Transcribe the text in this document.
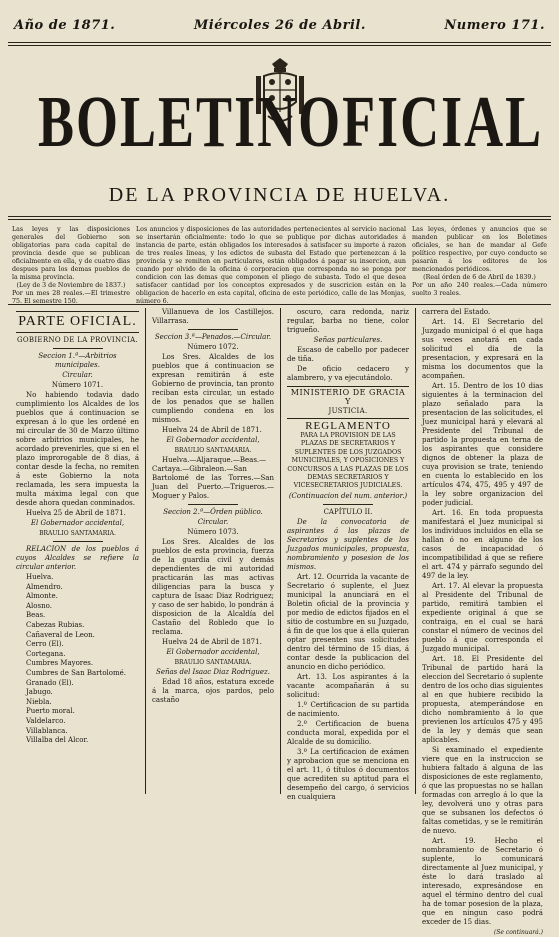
Año de 1871.	Miércoles 26 de Abril.	Numero 171.
BOLETIN OFICIAL
DE LA PROVINCIA DE HUELVA.

Las leyes y las disposiciones generales del Gobierno son obligatorias para cada capital de provincia desde que se publican oficialmente en ella, y de cuatro dias despues para los demas pueblos de la misma provincia.

(Ley de 3 de Noviembre de 1837.)

Por un mes 28 reales.—El trimestre 75. El semestre 150.

Los anuncios y disposiciones de las autoridades pertenecientes al servicio nacional se insertarán oficialmente: todo lo que se publique por dichas autoridades á instancia de parte, están obligados los interesados á satisfacer su importe á razon de tres reales lineas, y los edictos de subasta del Estado que pertenezcan á la provincia y se remiten en particulares, están obligados á pagar su insercion, aun cuando por olvido de la oficina ó corporacion que corresponda no se ponga por condicion con las demas que componen el pliego de subasta. Todo el que desea satisfacer cantidad por los conceptos expresados y de suscricion están en la obligacion de hacerlo en esta capital, oficina de este periódico, calle de las Monjas, número 6.

Las leyes, órdenes y anuncios que se manden publicar en los Boletines oficiales, se han de mandar al Gefe político respectivo, por cuyo conducto se pasarán á los editores de los mencionados periódicos.

(Real órden de 6 de Abril de 1839.)

Por un año 240 reales.—Cada número suelto 3 reales.

PARTE OFICIAL.

GOBIERNO DE LA PROVINCIA.

Seccion 1.ª—Arbitrios municipales.

Circular.

Número 1071.

No habiendo todavia dado cumplimiento los Alcaldes de los pueblos que á continuacion se expresan á lo que les ordené en mi circular de 30 de Marzo último sobre arbitrios municipales, he acordado prevenirles, que si en el plazo improrogable de 8 dias, á contar desde la fecha, no remiten á este Gobierno la nota reclamada, les sera impuesta la multa máxima legal con que desde ahora quedan conminados.

Huelva 25 de Abril de 1871.

El Gobernador accidental,

BRAULIO SANTAMARIA.

RELACION de los pueblos á cuyos Alcaldes se refiere la circular anterior.

Huelva.
Almendro.
Almonte.
Alosno.
Beas.
Cabezas Rubias.
Cañaveral de Leon.
Cerro (El).
Cortegana.
Cumbres Mayores.
Cumbres de San Bartolomé.
Granado (El).
Jabugo.
Niebla.
Puerto moral.
Valdelarco.
Villablanca.
Villalba del Alcor.

Villanueva de los Castillejos. Villarrasa.

Seccion 3.ª—Penados.—Circular.

Número 1072.

Los Sres. Alcaldes de los pueblos que á continuacion se expresan remitirán á este Gobierno de provincia, tan pronto reciban esta circular, un estado de los penados que se hallen cumpliendo condena en los mismos.

Huelva 24 de Abril de 1871.

El Gobernador accidental,

BRAULIO SANTAMARIA.

Huelva.—Aljaraque.—Beas.—Cartaya.—Gibraleon.—San Bartolomé de las Torres.—San Juan del Puerto.—Trigueros.—Moguer y Palos.

Seccion 2.ª—Órden público.

Circular.

Número 1073.

Los Sres. Alcaldes de los pueblos de esta provincia, fuerza de la guardia civil y demás dependientes de mi autoridad practicarán las mas activas diligencias para la busca y captura de Isaac Diaz Rodriguez; y caso de ser habido, lo pondrán á disposicion de la Alcaldía del Castaño del Robledo que lo reclama.

Huelva 24 de Abril de 1871.

El Gobernador accidental,

BRAULIO SANTAMARIA.

Señas del Isaac Diaz Rodriguez.

Edad 18 años, estatura excede á la marca, ojos pardos, pelo castaño

oscuro, cara redonda, nariz regular, barba no tiene, color trigueño.

Señas particulares.

Escaso de cabello por padecer de tiña.

De oficio cedacero y alambrero, y va ejecutándolo.

MINISTERIO DE GRACIA Y

JUSTICIA.

REGLAMENTO

PARA LA PROVISION DE LAS PLAZAS DE SECRETARIOS Y SUPLENTES DE LOS JUZGADOS MUNICIPALES, Y OPOSICIONES Y CONCURSOS A LAS PLAZAS DE LOS DEMAS SECRETARIOS Y VICESECRETARIOS JUDICIALES.

(Continuacion del num. anterior.)

CAPÍTULO II.

De la convocatoria de aspirantes á las plazas de Secretarios y suplentes de los Juzgados municipales, propuesta, nombramiento y posesion de los mismos.

Art. 12. Ocurrida la vacante de Secretario ó suplente, el Juez municipal la anunciará en el Boletin oficial de la provincia y por medio de edictos fijados en el sitio de costumbre en su Juzgado, á fin de que los que á ella quieran optar presenten sus solicitudes dentro del término de 15 dias, á contar desde la publicacion del anuncio en dicho periódico.

Art. 13. Los aspirantes á la vacante acompañarán á su solicitud:

1.º Certificacion de su partida de nacimiento.

2.º Certificacion de buena conducta moral, expedida por el Alcalde de su domicilio.

3.º La certificacion de exámen y aprobacion que se menciona en el art. 11, ó títulos ó documentos que acrediten su aptitud para el desempeño del cargo, ó servicios en cualquiera

carrera del Estado.

Art. 14. El Secretario del Juzgado municipal ó el que haga sus veces anotará en cada solicitud el dia de la presentacion, y expresará en la misma los documentos que la acompañen.

Art. 15. Dentro de los 10 dias siguientes á la terminacion del plazo señalado para la presentacion de las solicitudes, el Juez municipal hará y elevará al Presidente del Tribunal de partido la propuesta en terna de los aspirantes que considere dignos de obtener la plaza de cuya provision se trate, teniendo en cuenta lo establecido en los artículos 474, 475, 495 y 497 de la ley sobre organizacion del poder judicial.

Art. 16. En toda propuesta manifestará el Juez municipal si los individuos incluidos en ella se hallan ó no en alguno de los casos de incapacidad ó incompatibilidad á que se refiere el art. 474 y párrafo segundo del 497 de la ley.

Art. 17. Al elevar la propuesta al Presidente del Tribunal de partido, remitirá tambien el expediente original á que se contraiga, en el cual se hará constar el número de vecinos del pueblo á que corresponda el Juzgado municipal.

Art. 18. El Presidente del Tribunal de partido hará la eleccion del Secretario ó suplente dentro de los ocho dias siguientes al en que hubiere recibido la propuesta, atemperándose en dicho nombramiento á lo que previenen los artículos 475 y 495 de la ley y demás que sean aplicables.

Si examinado el expediente viere que en la instruccion se hubiera faltado á alguna de las disposiciones de este reglamento, ó que las propuestas no se hallan formadas con arreglo á lo que la ley, devolverá uno y otras para que se subsanen los defectos ó faltas cometidas, y se le remitirán de nuevo.

Art. 19. Hecho el nombramiento de Secretario ó suplente, lo comunicará directamente al Juez municipal, y éste lo dará traslado al interesado, expresándose en aquel el término dentro del cual ha de tomar posesion de la plaza, que en ningun caso podrá exceder de 15 dias.

(Se continuará.)
